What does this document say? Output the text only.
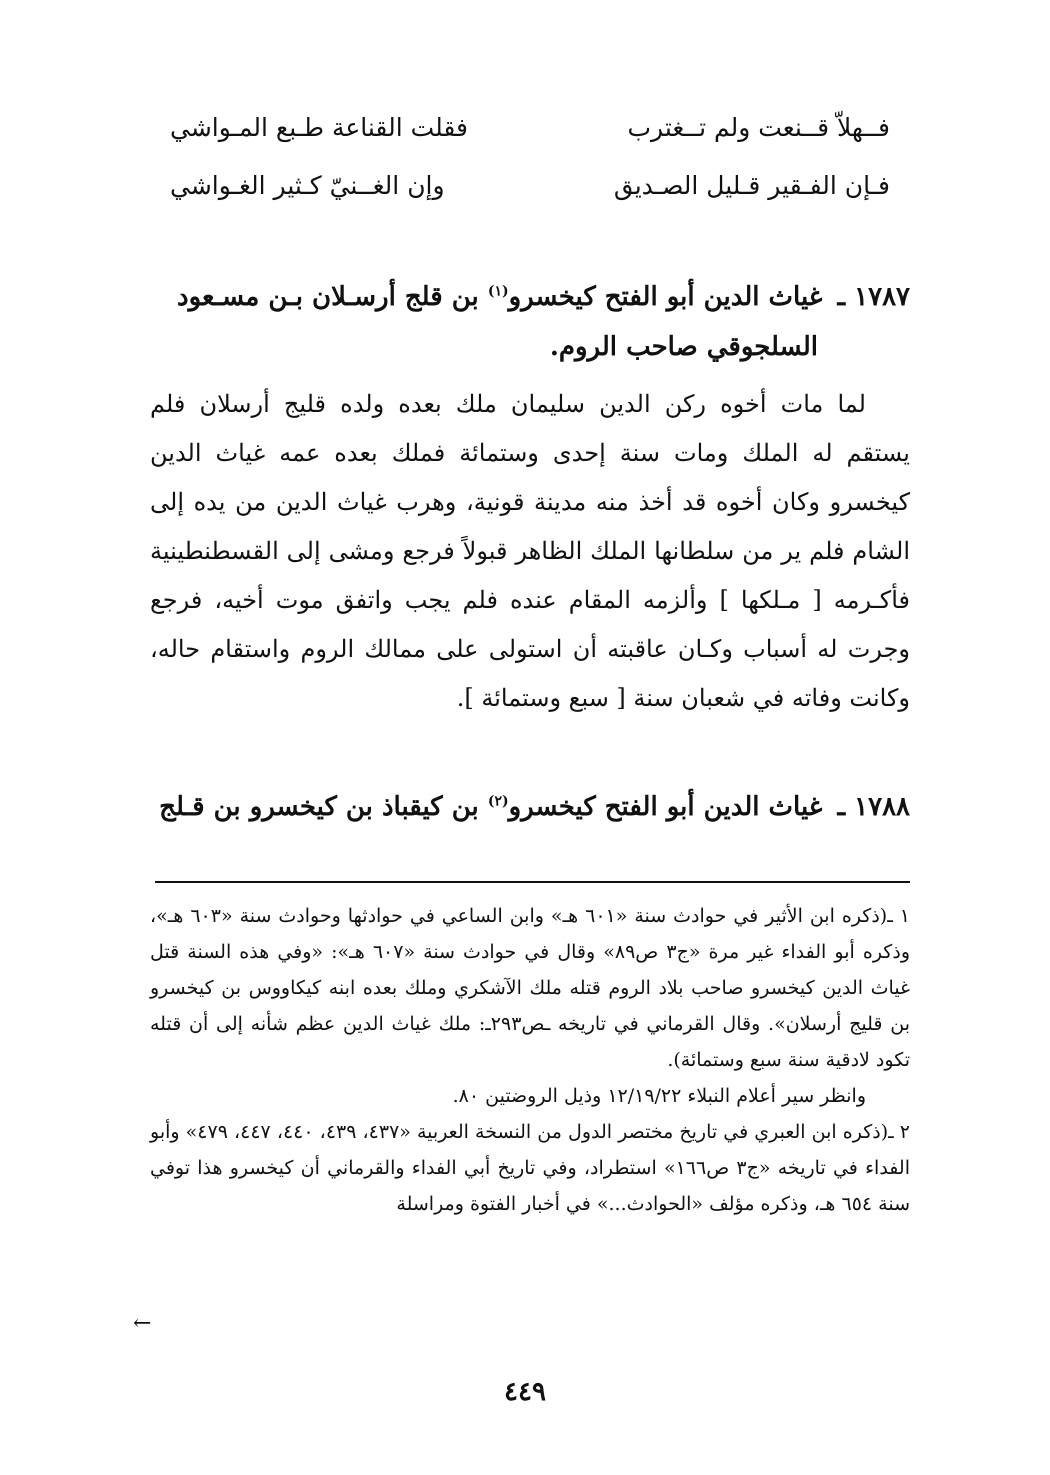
فــهلاّ قــنعت ولم تــغترب
فقلت القناعة طـبع المـواشي
فـإن الفـقير قـليل الصـديق
وإن الغــنيّ كـثير الغـواشي
١٧٨٧ ـ غياث الدين أبو الفتح كيخسرو$^{(١)}$ بن قلج أرسـلان بـن مسـعود
السلجوقي صاحب الروم.
لما مات أخوه ركن الدين سليمان ملك بعده ولده قليج أرسلان فلم يستقم له الملك ومات سنة إحدى وستمائة فملك بعده عمه غياث الدين كيخسرو وكان أخوه قد أخذ منه مدينة قونية، وهرب غياث الدين من يده إلى الشام فلم ير من سلطانها الملك الظاهر قبولاً فرجع ومشى إلى القسطنطينية فأكـرمه [ مـلكها ] وألزمه المقام عنده فلم يجب واتفق موت أخيه، فرجع وجرت له أسباب وكـان عاقبته أن استولى على ممالك الروم واستقام حاله، وكانت وفاته في شعبان سنة [ سبع وستمائة ].
١٧٨٨ ـ غياث الدين أبو الفتح كيخسرو$^{(٢)}$ بن كيقباذ بن كيخسرو بن قـلج

١ ـ(ذكره ابن الأثير في حوادث سنة «٦٠١ هـ» وابن الساعي في حوادثها وحوادث سنة «٦٠٣ هـ»، وذكره أبو الفداء غير مرة «ج٣ ص٨٩» وقال في حوادث سنة «٦٠٧ هـ»: «وفي هذه السنة قتل غياث الدين كيخسرو صاحب بلاد الروم قتله ملك الآشكري وملك بعده ابنه كيكاووس بن كيخسرو بن قليج أرسلان». وقال القرماني في تاريخه ـص٢٩٣ـ: ملك غياث الدين عظم شأنه إلى أن قتله تكود لادقية سنة سبع وستمائة).

وانظر سير أعلام النبلاء ١٢/١٩/٢٢ وذيل الروضتين ٨٠.

٢ ـ(ذكره ابن العبري في تاريخ مختصر الدول من النسخة العربية «٤٣٧، ٤٣٩، ٤٤٠، ٤٤٧، ٤٧٩» وأبو الفداء في تاريخه «ج٣ ص١٦٦» استطراد، وفي تاريخ أبي الفداء والقرماني أن كيخسرو هذا توفي سنة ٦٥٤ هـ، وذكره مؤلف «الحوادث...» في أخبار الفتوة ومراسلة

←
٤٤٩
